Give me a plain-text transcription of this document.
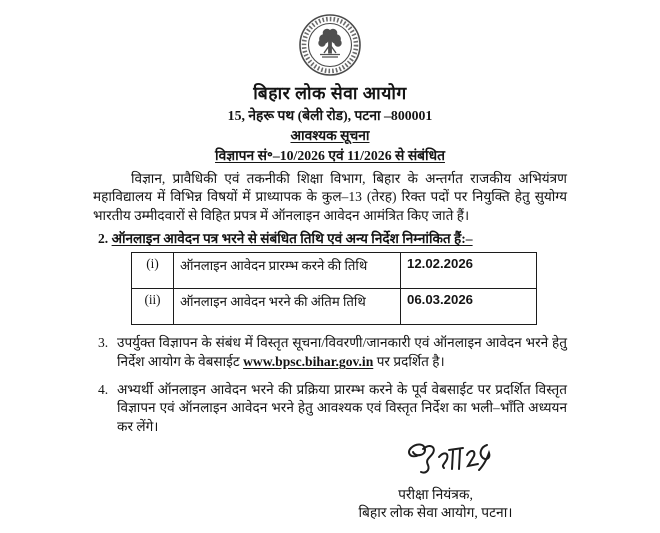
बिहार लोक सेवा आयोग
15, नेहरू पथ (बेली रोड), पटना –800001
आवश्यक सूचना
विज्ञापन सं॰–10/2026 एवं 11/2026 से संबंधित
विज्ञान, प्रावैधिकी एवं तकनीकी शिक्षा विभाग, बिहार के अन्तर्गत राजकीय अभियंत्रण महाविद्यालय में विभिन्न विषयों में प्राध्यापक के कुल–13 (तेरह) रिक्त पदों पर नियुक्ति हेतु सुयोग्य भारतीय उम्मीदवारों से विहित प्रपत्र में ऑनलाइन आवेदन आमंत्रित किए जाते हैं।
2. ऑनलाइन आवेदन पत्र भरने से संबंधित तिथि एवं अन्य निर्देश निम्नांकित हैं:–
(i)	ऑनलाइन आवेदन प्रारम्भ करने की तिथि	12.02.2026
(ii)	ऑनलाइन आवेदन भरने की अंतिम तिथि	06.03.2026
3. उपर्युक्त विज्ञापन के संबंध में विस्तृत सूचना/विवरणी/जानकारी एवं ऑनलाइन आवेदन भरने हेतु निर्देश आयोग के वेबसाईट www.bpsc.bihar.gov.in पर प्रदर्शित है।
4. अभ्यर्थी ऑनलाइन आवेदन भरने की प्रक्रिया प्रारम्भ करने के पूर्व वेबसाईट पर प्रदर्शित विस्तृत विज्ञापन एवं ऑनलाइन आवेदन भरने हेतु आवश्यक एवं विस्तृत निर्देश का भली–भाँति अध्ययन कर लेंगे।
परीक्षा नियंत्रक,
बिहार लोक सेवा आयोग, पटना।
